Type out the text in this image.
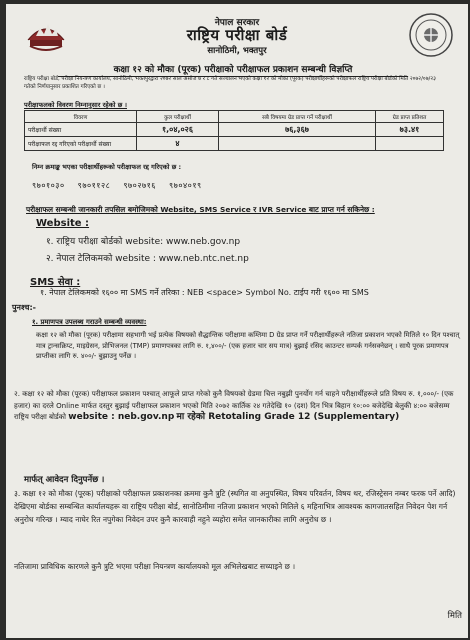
नेपाल सरकार
राष्ट्रिय परीक्षा बोर्ड
सानोठिमी, भक्तपुर
कक्षा १२ को मौका (पूरक) परीक्षाको परीक्षाफल प्रकाशन सम्बन्धी विज्ञप्ति
राष्ट्रिय परीक्षा बोर्ड, परीक्षा नियन्त्रण कार्यालय, सानोठिमी, भक्तपुरद्वारा २०७२ साल असोज ७ र ८ गते सञ्चालन भएको कक्षा १२ को मौका (पूरक) परीक्षार्थीहरूको परीक्षाफल राष्ट्रिय परीक्षा बोर्डको मिति २०७२/०७/२३ गतेको निर्णयानुसार प्रकाशित गरिएको छ ।
परीक्षाफलको विवरण निम्नानुसार रहेको छ ।
विवरण	कुल परीक्षार्थी	सबै विषयमा ग्रेड प्राप्त गर्ने परीक्षार्थी	ग्रेड प्राप्त प्रतिशत
परीक्षार्थी संख्या	१,०४,०२६	७६,३६७	७३.४१
परीक्षाफल रद्द गरिएको परीक्षार्थी संख्या	४		
निम्न क्रमाङ्क भएका परीक्षार्थीहरूको परीक्षाफल रद्द गरिएको छ :
९७०१०३० ९७०११२८ ९७०२७१६ ९७०४०१९
परीक्षाफल सम्बन्धी जानकारी तपसिल बमोजिमको Website, SMS Service र IVR Service बाट प्राप्त गर्न सकिनेछ :
Website :
१. राष्ट्रिय परीक्षा बोर्डको website: www.neb.gov.np
२. नेपाल टेलिकमको website : www.neb.ntc.net.np
SMS सेवा :
१. नेपाल टेलिकमको १६०० मा SMS गर्ने तरिका : NEB <space> Symbol No. टाईप गरी १६०० मा SMS
पुनश्च:-
१. प्रमाणपत्र उपलब्ध गराउने सम्बन्धी व्यवस्था:
कक्षा १२ को मौका (पूरक) परीक्षामा सहभागी भई प्रत्येक विषयको सैद्धान्तिक परीक्षामा कम्तिमा D ग्रेड प्राप्त गर्ने परीक्षार्थीहरूले नतिजा प्रकाशन भएको मितिले १० दिन पश्चात् मात्र ट्रान्सक्रिप्ट, माइग्रेसन, प्रोभिजनल (TMP) प्रमाणपत्रका लागि रु. १,४००/- (एक हजार चार सय मात्र) बुझाई रसिद काउन्टर सम्पर्क गर्नसक्नेछन् । साथै पूरक प्रमाणपत्र प्राप्तीका लागि रु. ४००/- बुझाउनु पर्नेछ ।
२. कक्षा १२ को मौका (पूरक) परीक्षाफल प्रकाशन पश्चात् आफूले प्राप्त गरेको कुनै विषयको ग्रेडमा चित्त नबुझी पुनर्योग गर्न चाहने परीक्षार्थीहरूले प्रति विषय रु. १,०००/- (एक हजार) का दरले Online मार्फत दस्तुर बुझाई परीक्षाफल प्रकाशन भएको मिति २०७२ कार्तिक २४ गतेदेखि १० (दश) दिन भित्र बिहान १०:०० बजेदेखि बेलुकी ४:०० बजेसम्म राष्ट्रिय परीक्षा बोर्डको website : neb.gov.np मा रहेको Retotaling Grade 12 (Supplementary)
मार्फत् आवेदन दिनुपर्नेछ ।
३. कक्षा १२ को मौका (पूरक) परीक्षाको परीक्षाफल प्रकाशनका क्रममा कुनै त्रुटि (स्थगित वा अनुपस्थित, विषय परिवर्तन, विषय थर, रजिस्ट्रेसन नम्बर फरक पर्ने आदि) देखिएमा बोर्डका सम्बन्धित कार्यालयहरू वा राष्ट्रिय परीक्षा बोर्ड, सानोठिमीमा नतिजा प्रकाशन भएको मितिले ६ महिनाभित्र आवश्यक कागजातसहित निवेदन पेश गर्न अनुरोध गरिन्छ । म्याद नाघेर रित नपुगेका निवेदन उपर कुनै कारवाही नहुने व्यहोरा समेत जानकारीका लागि अनुरोध छ ।
नतिजामा प्राविधिक कारणले कुनै त्रुटि भएमा परीक्षा नियन्त्रण कार्यालयको मूल अभिलेखबाट सच्याइने छ ।
मिति
